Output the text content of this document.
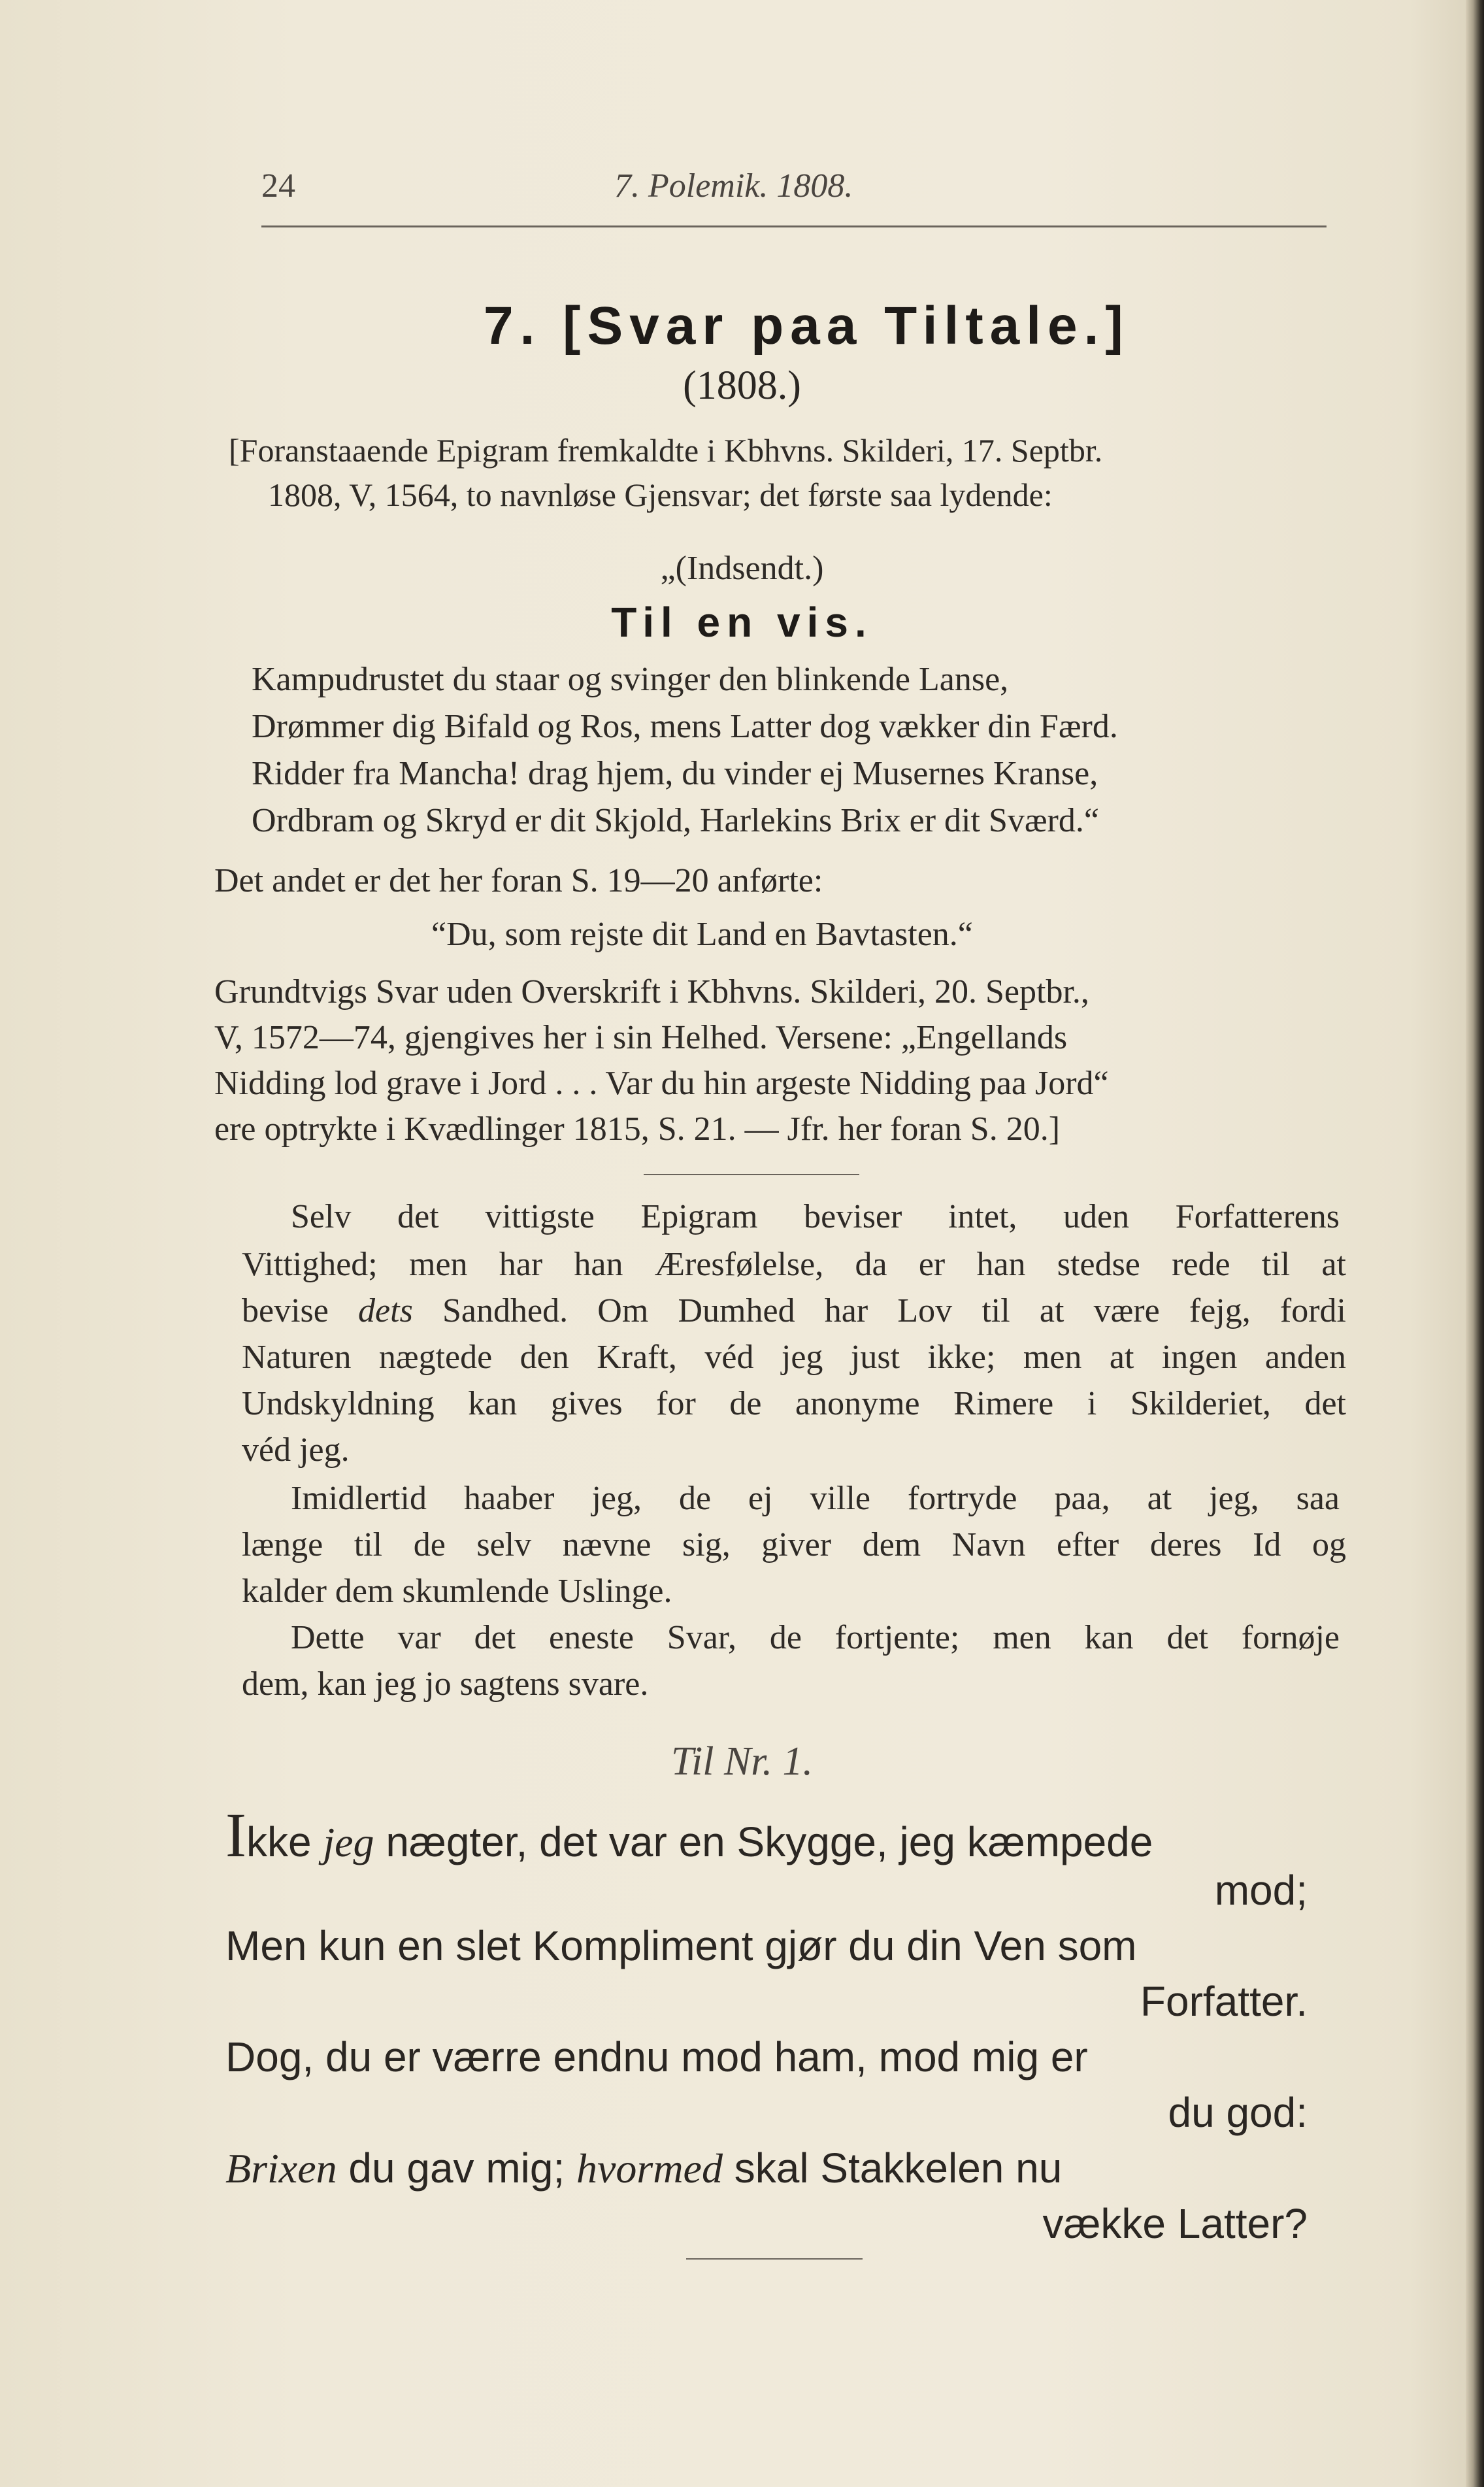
24	7. Polemik. 1808.
7. [Svar paa Tiltale.]
(1808.)
[Foranstaaende Epigram fremkaldte i Kbhvns. Skilderi, 17. Septbr.
1808, V, 1564, to navnløse Gjensvar; det første saa lydende:
„(Indsendt.)
Til en vis.
Kampudrustet du staar og svinger den blinkende Lanse,
Drømmer dig Bifald og Ros, mens Latter dog vækker din Færd.
Ridder fra Mancha! drag hjem, du vinder ej Musernes Kranse,
Ordbram og Skryd er dit Skjold, Harlekins Brix er dit Sværd.“
Det andet er det her foran S. 19—20 anførte:
“Du, som rejste dit Land en Bavtasten.“
Grundtvigs Svar uden Overskrift i Kbhvns. Skilderi, 20. Septbr.,
V, 1572—74, gjengives her i sin Helhed. Versene: „Engellands
Nidding lod grave i Jord . . . Var du hin argeste Nidding paa Jord“
ere optrykte i Kvædlinger 1815, S. 21. — Jfr. her foran S. 20.]
Selv det vittigste Epigram beviser intet, uden Forfatterens
Vittighed; men har han Æresfølelse, da er han stedse rede til at
bevise dets Sandhed. Om Dumhed har Lov til at være fejg, fordi
Naturen nægtede den Kraft, véd jeg just ikke; men at ingen anden
Undskyldning kan gives for de anonyme Rimere i Skilderiet, det
véd jeg.
Imidlertid haaber jeg, de ej ville fortryde paa, at jeg, saa
længe til de selv nævne sig, giver dem Navn efter deres Id og
kalder dem skumlende Uslinge.
Dette var det eneste Svar, de fortjente; men kan det fornøje
dem, kan jeg jo sagtens svare.
Til Nr. 1.
Ikke jeg nægter, det var en Skygge, jeg kæmpede
mod;
Men kun en slet Kompliment gjør du din Ven som
Forfatter.
Dog, du er værre endnu mod ham, mod mig er
du god:
Brixen du gav mig; hvormed skal Stakkelen nu
vække Latter?
